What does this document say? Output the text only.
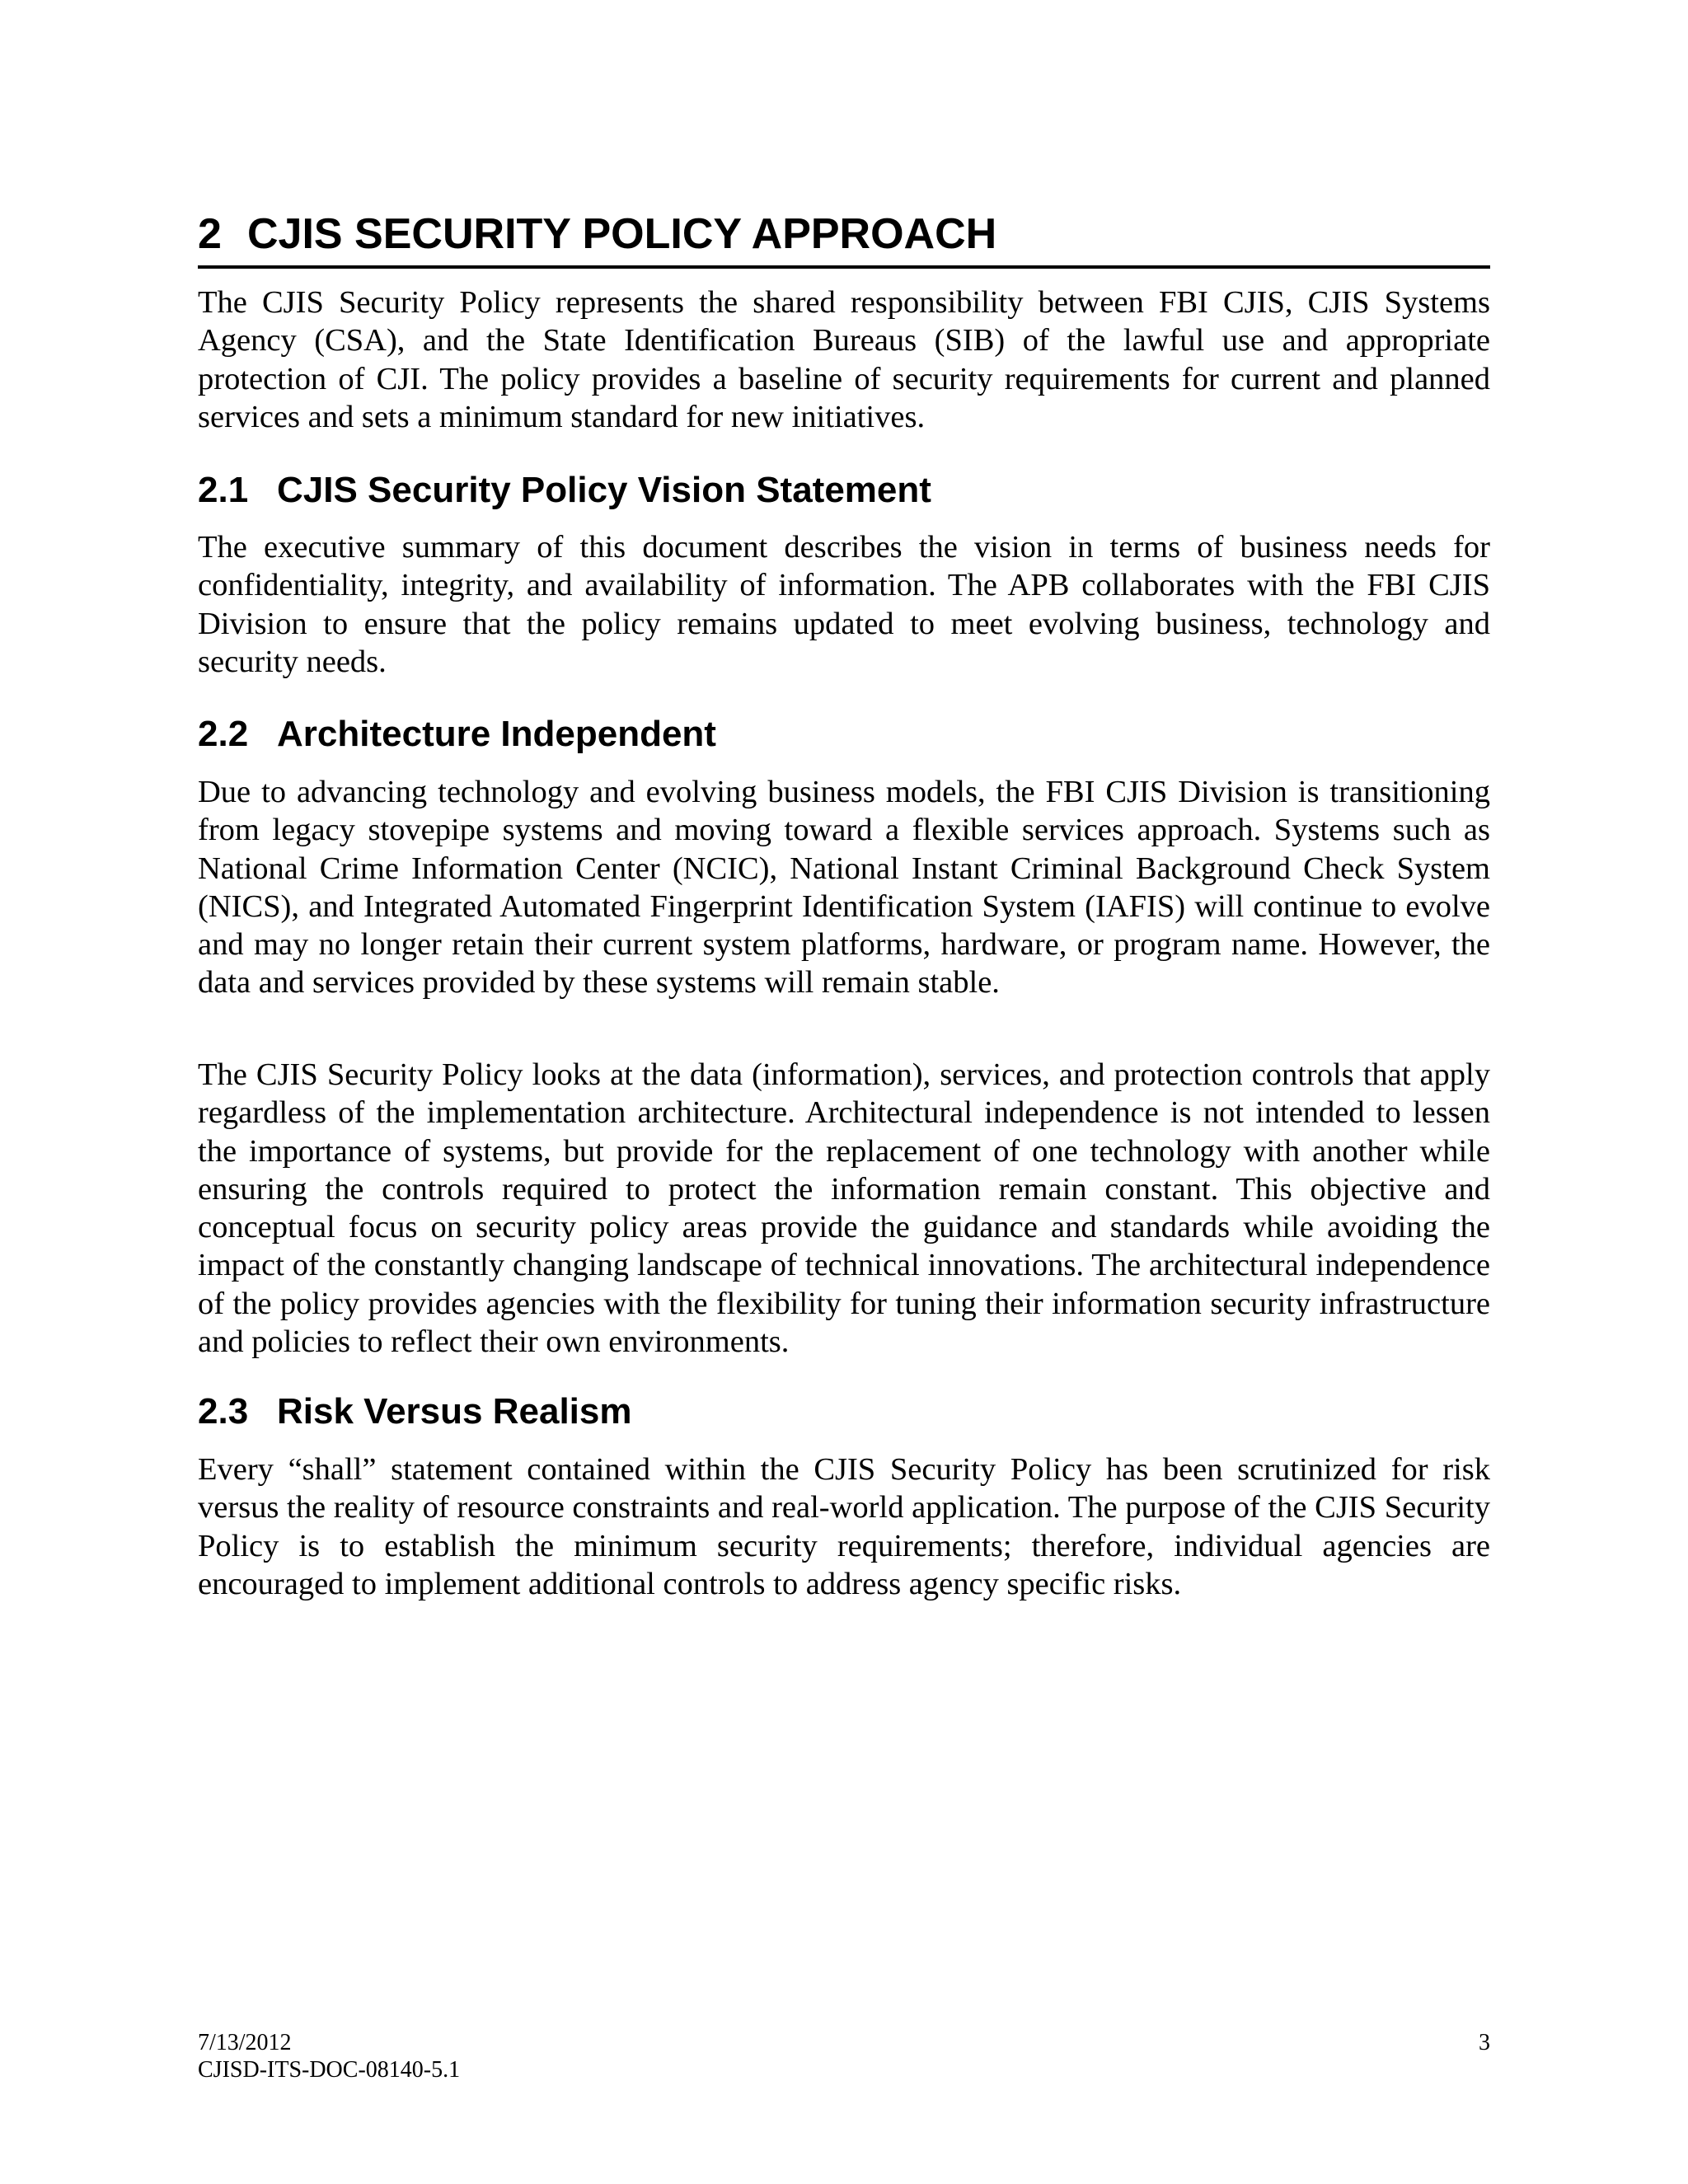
2 CJIS SECURITY POLICY APPROACH
The CJIS Security Policy represents the shared responsibility between FBI CJIS, CJIS Systems Agency (CSA), and the State Identification Bureaus (SIB) of the lawful use and appropriate protection of CJI. The policy provides a baseline of security requirements for current and planned services and sets a minimum standard for new initiatives.
2.1 CJIS Security Policy Vision Statement
The executive summary of this document describes the vision in terms of business needs for confidentiality, integrity, and availability of information. The APB collaborates with the FBI CJIS Division to ensure that the policy remains updated to meet evolving business, technology and security needs.
2.2 Architecture Independent
Due to advancing technology and evolving business models, the FBI CJIS Division is transitioning from legacy stovepipe systems and moving toward a flexible services approach. Systems such as National Crime Information Center (NCIC), National Instant Criminal Background Check System (NICS), and Integrated Automated Fingerprint Identification System (IAFIS) will continue to evolve and may no longer retain their current system platforms, hardware, or program name. However, the data and services provided by these systems will remain stable.
The CJIS Security Policy looks at the data (information), services, and protection controls that apply regardless of the implementation architecture. Architectural independence is not intended to lessen the importance of systems, but provide for the replacement of one technology with another while ensuring the controls required to protect the information remain constant. This objective and conceptual focus on security policy areas provide the guidance and standards while avoiding the impact of the constantly changing landscape of technical innovations. The architectural independence of the policy provides agencies with the flexibility for tuning their information security infrastructure and policies to reflect their own environments.
2.3 Risk Versus Realism
Every “shall” statement contained within the CJIS Security Policy has been scrutinized for risk versus the reality of resource constraints and real-world application. The purpose of the CJIS Security Policy is to establish the minimum security requirements; therefore, individual agencies are encouraged to implement additional controls to address agency specific risks.
7/13/2012
CJISD-ITS-DOC-08140-5.1
3
